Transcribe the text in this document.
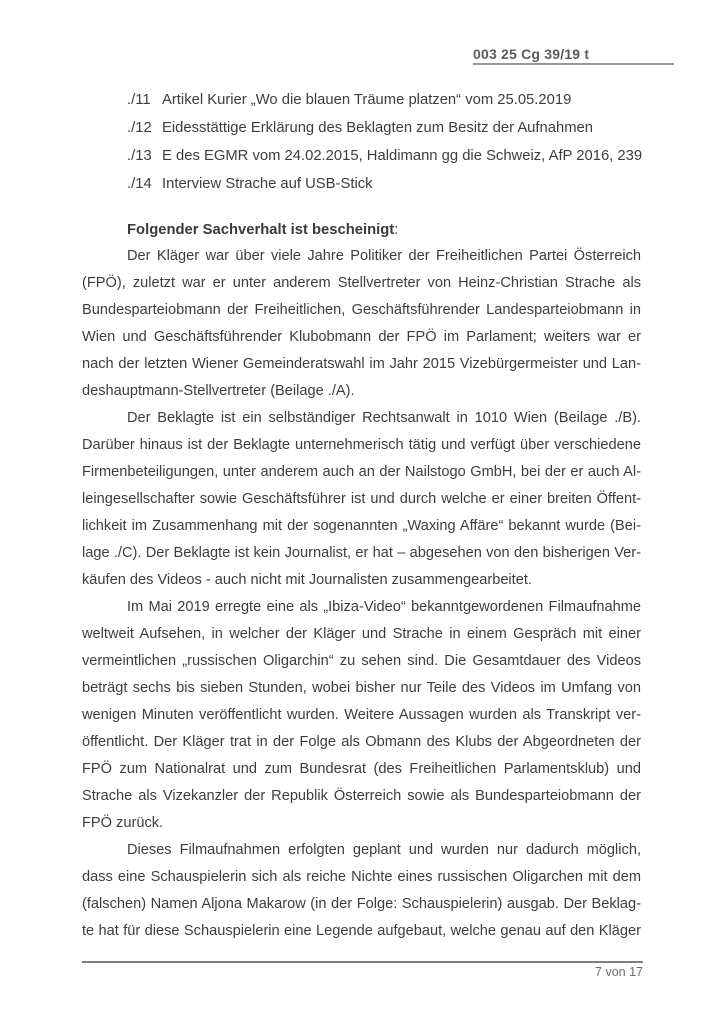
003 25 Cg 39/19 t
./11 Artikel Kurier „Wo die blauen Träume platzen“ vom 25.05.2019
./12 Eidesstättige Erklärung des Beklagten zum Besitz der Aufnahmen
./13 E des EGMR vom 24.02.2015, Haldimann gg die Schweiz, AfP 2016, 239
./14 Interview Strache auf USB-Stick
Folgender Sachverhalt ist bescheinigt:
Der Kläger war über viele Jahre Politiker der Freiheitlichen Partei Österreich
(FPÖ), zuletzt war er unter anderem Stellvertreter von Heinz-Christian Strache als
Bundesparteiobmann der Freiheitlichen, Geschäftsführender Landesparteiobmann in
Wien und Geschäftsführender Klubobmann der FPÖ im Parlament; weiters war er
nach der letzten Wiener Gemeinderatswahl im Jahr 2015 Vizebürgermeister und Lan-
deshauptmann-Stellvertreter (Beilage ./A).
Der Beklagte ist ein selbständiger Rechtsanwalt in 1010 Wien (Beilage ./B).
Darüber hinaus ist der Beklagte unternehmerisch tätig und verfügt über verschiedene
Firmenbeteiligungen, unter anderem auch an der Nailstogo GmbH, bei der er auch Al-
leingesellschafter sowie Geschäftsführer ist und durch welche er einer breiten Öffent-
lichkeit im Zusammenhang mit der sogenannten „Waxing Affäre“ bekannt wurde (Bei-
lage ./C). Der Beklagte ist kein Journalist, er hat – abgesehen von den bisherigen Ver-
käufen des Videos - auch nicht mit Journalisten zusammengearbeitet.
Im Mai 2019 erregte eine als „Ibiza-Video“ bekanntgewordenen Filmaufnahme
weltweit Aufsehen, in welcher der Kläger und Strache in einem Gespräch mit einer
vermeintlichen „russischen Oligarchin“ zu sehen sind. Die Gesamtdauer des Videos
beträgt sechs bis sieben Stunden, wobei bisher nur Teile des Videos im Umfang von
wenigen Minuten veröffentlicht wurden. Weitere Aussagen wurden als Transkript ver-
öffentlicht. Der Kläger trat in der Folge als Obmann des Klubs der Abgeordneten der
FPÖ zum Nationalrat und zum Bundesrat (des Freiheitlichen Parlamentsklub) und
Strache als Vizekanzler der Republik Österreich sowie als Bundesparteiobmann der
FPÖ zurück.
Dieses Filmaufnahmen erfolgten geplant und wurden nur dadurch möglich,
dass eine Schauspielerin sich als reiche Nichte eines russischen Oligarchen mit dem
(falschen) Namen Aljona Makarow (in der Folge: Schauspielerin) ausgab. Der Beklag-
te hat für diese Schauspielerin eine Legende aufgebaut, welche genau auf den Kläger
7 von 17
